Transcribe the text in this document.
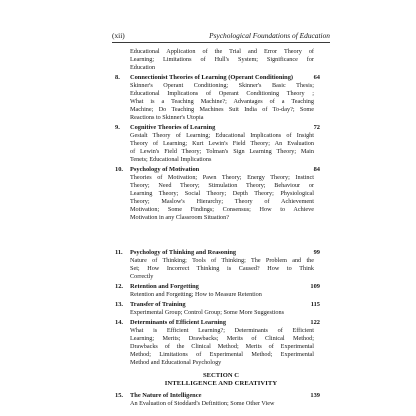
(xii)	Psychological Foundations of Education
Educational Application of the Trial and Error Theory of
Learning; Limitations of Hull's System; Significance for
Education
8.	Connectionist Theories of Learning (Operant Conditioning)	64
Skinner's Operant Conditioning; Skinner's Basic Thesis;
Educational Implications of Operant Conditioning Theory ;
What is a Teaching Machine?; Advantages of a Teaching
Machine; Do Teaching Machines Suit India of To-day?; Some
Reactions to Skinner's Utopia
9.	Cognitive Theories of Learning	72
Gestalt Theory of Learning; Educational Implications of Insight
Theory of Learning; Kurt Lewin's Field Theory; An Evaluation
of Lewin's Field Theory; Tolman's Sign Learning Theory; Main
Tenets; Educational Implications
10.	Psychology of Motivation	84
Theories of Motivation; Pawn Theory; Energy Theory; Instinct
Theory; Need Theory; Stimulation Theory; Behaviour or
Learning Theory; Social Theory; Depth Theory; Physiological
Theory; Maslow's Hierarchy; Theory of Achievement
Motivation; Some Findings; Consensus; How to Achieve
Motivation in any Classroom Situation?
11.	Psychology of Thinking and Reasoning	99
Nature of Thinking; Tools of Thinking; The Problem and the
Set; How Incorrect Thinking is Caused? How to Think
Correctly
12.	Retention and Forgetting	109
Retention and Forgetting; How to Measure Retention
13.	Transfer of Training	115
Experimental Group; Control Group; Some More Suggestions
14.	Determinants of Efficient Learning	122
What is Efficient Learning?; Determinants of Efficient
Learning; Merits; Drawbacks; Merits of Clinical Method;
Drawbacks of the Clinical Method; Merits of Experimental
Method; Limitations of Experimental Method; Experimental
Method and Educational Psychology
SECTION C
INTELLIGENCE AND CREATIVITY
15.	The Nature of Intelligence	139
An Evaluation of Stoddard's Definition; Some Other View
